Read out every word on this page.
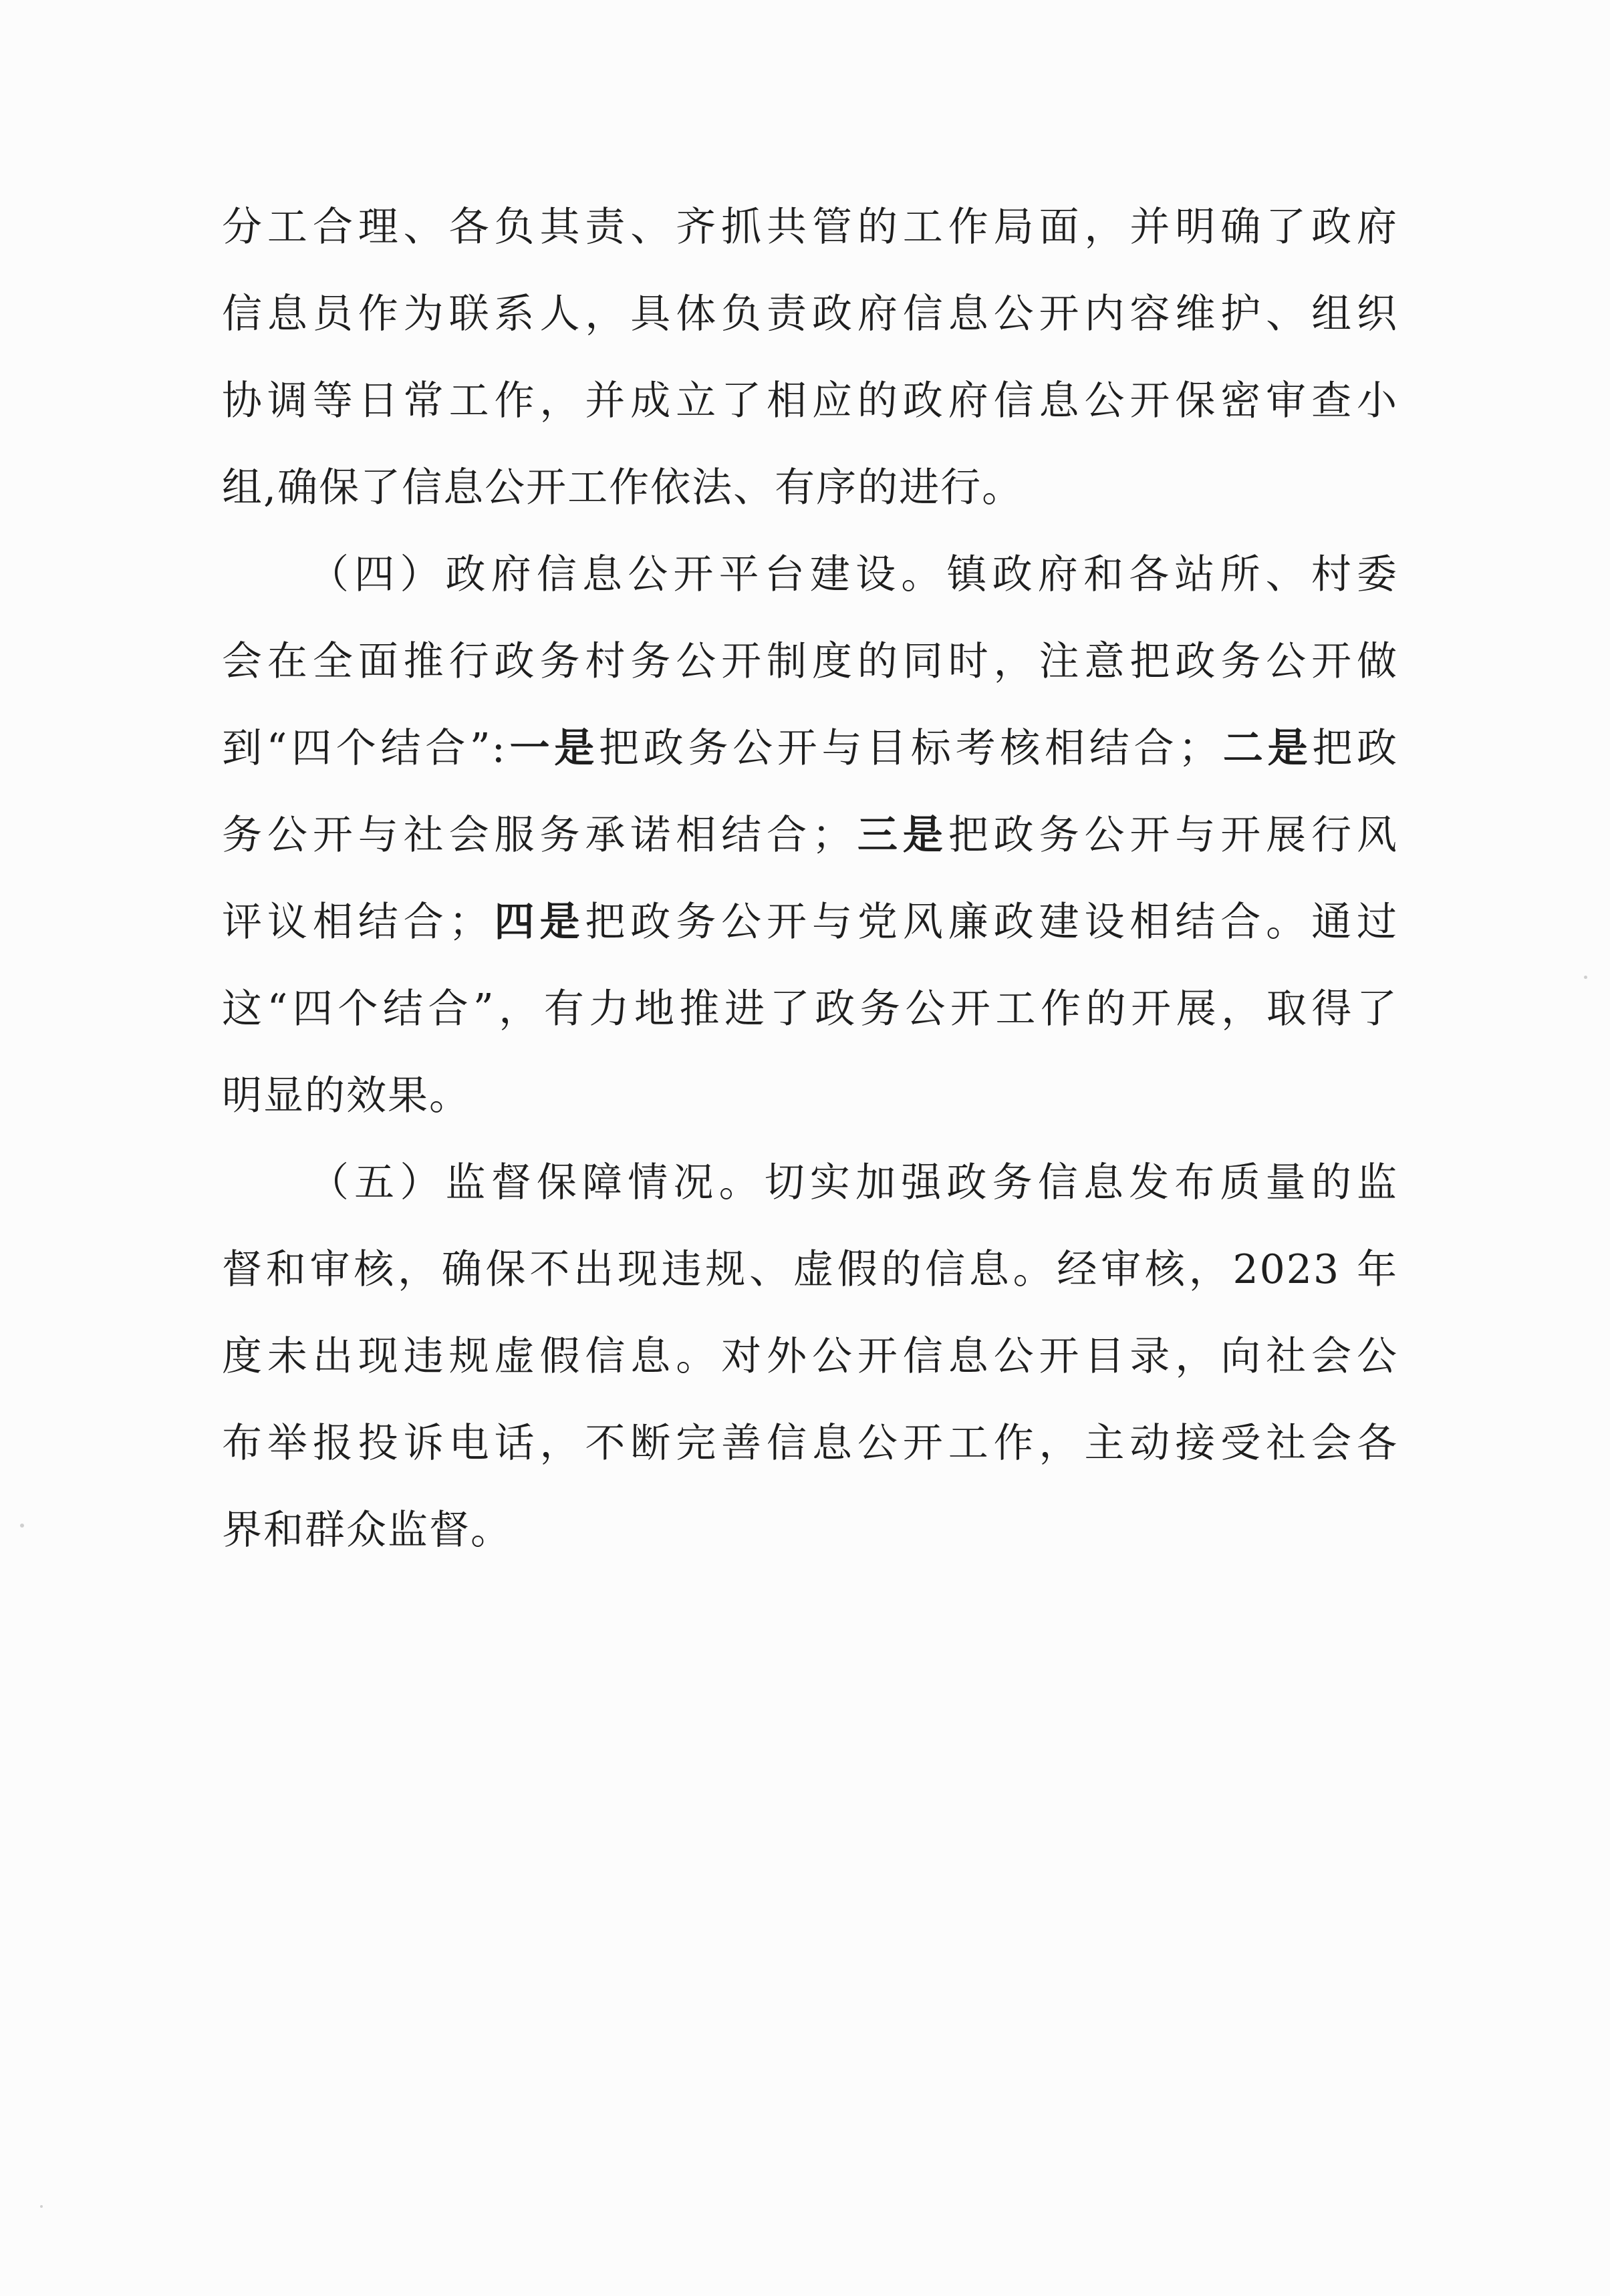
分工合理、各负其责、齐抓共管的工作局面，并明确了政府
信息员作为联系人，具体负责政府信息公开内容维护、组织
协调等日常工作，并成立了相应的政府信息公开保密审查小
组,确保了信息公开工作依法、有序的进行。
（四）政府信息公开平台建设。镇政府和各站所、村委
会在全面推行政务村务公开制度的同时，注意把政务公开做
到“四个结合”:一是把政务公开与目标考核相结合；二是把政
务公开与社会服务承诺相结合；三是把政务公开与开展行风
评议相结合；四是把政务公开与党风廉政建设相结合。通过
这“四个结合”，有力地推进了政务公开工作的开展，取得了
明显的效果。
（五）监督保障情况。切实加强政务信息发布质量的监
督和审核，确保不出现违规、虚假的信息。经审核，2023 年
度未出现违规虚假信息。对外公开信息公开目录，向社会公
布举报投诉电话，不断完善信息公开工作，主动接受社会各
界和群众监督。
